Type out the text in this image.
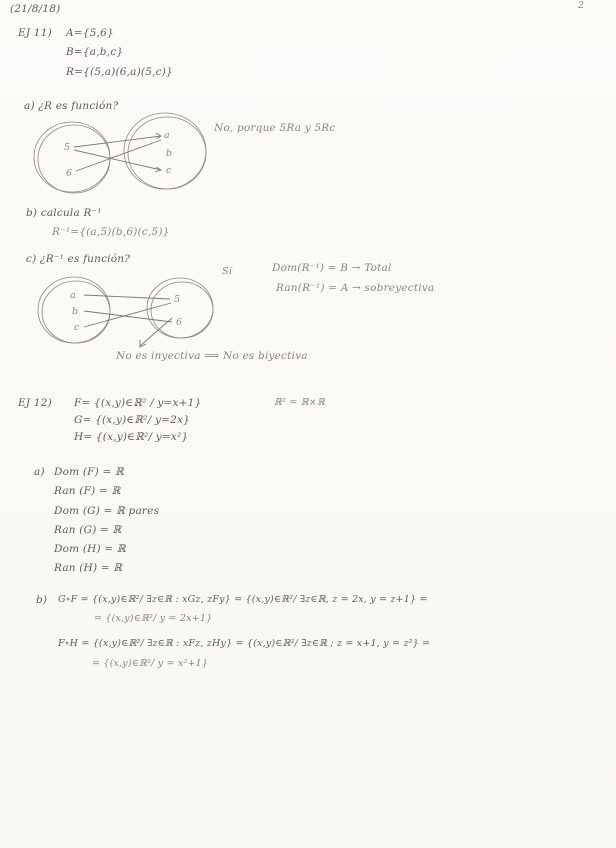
(21/8/18)	2
EJ 11) A={5,6}
B={a,b,c}
R={(5,a)(6,a)(5,c)}
a) ¿R es función?
No, porque 5Ra y 5Rc
5
6
a
b
c
b) calcula R⁻¹
R⁻¹={(a,5)(b,6)(c,5)}
c) ¿R⁻¹ es función?
Sí	Dom(R⁻¹) = B → Total
Ran(R⁻¹) = A → sobreyectiva
a
b
c
5
6
No es inyectiva ⟹ No es biyectiva
EJ 12) F= {(x,y)∈ℝ² / y=x+1}
G= {(x,y)∈ℝ²/ y=2x}
H= {(x,y)∈ℝ²/ y=x²}
ℝ² = ℝ×ℝ
a) Dom (F) = ℝ
Ran (F) = ℝ
Dom (G) = ℝ pares
Ran (G) = ℝ
Dom (H) = ℝ
Ran (H) = ℝ
b) G∘F = {(x,y)∈ℝ²/ ∃z∈ℝ : xGz, zFy} = {(x,y)∈ℝ²/ ∃z∈ℝ, z = 2x, y = z+1} =
= {(x,y)∈ℝ²/ y = 2x+1}
F∘H = {(x,y)∈ℝ²/ ∃z∈ℝ : xFz, zHy} = {(x,y)∈ℝ²/ ∃z∈ℝ ; z = x+1, y = z²} =
= {(x,y)∈ℝ²/ y = x²+1}
